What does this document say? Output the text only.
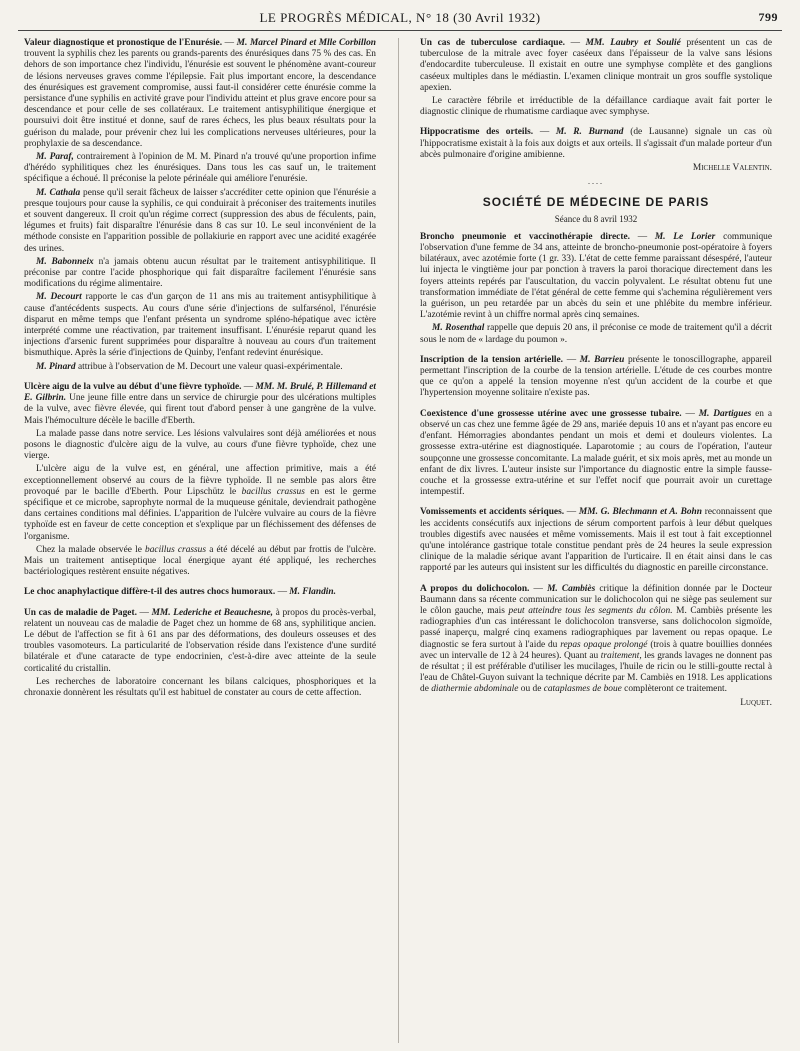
LE PROGRÈS MÉDICAL, N° 18 (30 Avril 1932)	799

Valeur diagnostique et pronostique de l'Enurésie. — M. Marcel Pinard et Mlle Corbillon trouvent la syphilis chez les parents ou grands-parents des énurésiques dans 75 % des cas. En dehors de son importance chez l'individu, l'énurésie est souvent le phénomène avant-coureur de lésions nerveuses graves comme l'épilepsie. Fait plus important encore, la descendance des énurésiques est gravement compromise, aussi faut-il considérer cette énurésie comme la persistance d'une syphilis en activité grave pour l'individu atteint et plus grave encore pour sa descendance et pour celle de ses collatéraux. Le traitement antisyphilitique énergique et poursuivi doit être institué et donne, sauf de rares échecs, les plus beaux résultats pour la guérison du malade, pour prévenir chez lui les complications nerveuses ultérieures, pour la prophylaxie de sa descendance.

M. Paraf, contrairement à l'opinion de M. M. Pinard n'a trouvé qu'une proportion infime d'hérédo syphilitiques chez les énurésiques. Dans tous les cas sauf un, le traitement spécifique a échoué. Il préconise la pelote périnéale qui améliore l'enurésie.

M. Cathala pense qu'il serait fâcheux de laisser s'accréditer cette opinion que l'énurésie a presque toujours pour cause la syphilis, ce qui conduirait à préconiser des traitements inutiles et souvent dangereux. Il croit qu'un régime correct (suppression des abus de féculents, pain, légumes et fruits) fait disparaître l'énurésie dans 8 cas sur 10. Le seul inconvénient de la méthode consiste en l'apparition possible de pollakiurie en rapport avec une acidité exagérée des urines.

M. Babonneix n'a jamais obtenu aucun résultat par le traitement antisyphilitique. Il préconise par contre l'acide phosphorique qui fait disparaître facilement l'énurésie sans modifications du régime alimentaire.

M. Decourt rapporte le cas d'un garçon de 11 ans mis au traitement antisyphilitique à cause d'antécédents suspects. Au cours d'une série d'injections de sulfarsénol, l'énurésie disparut en même temps que l'enfant présenta un syndrome spléno-hépatique avec ictère interprété comme une réactivation, par traitement insuffisant. L'énurésie reparut quand les injections d'arsenic furent supprimées pour disparaître à nouveau au cours d'un traitement bismuthique. Après la série d'injections de Quinby, l'enfant redevint énurésique.

M. Pinard attribue à l'observation de M. Decourt une valeur quasi-expérimentale.

Ulcère aigu de la vulve au début d'une fièvre typhoïde. — MM. M. Brulé, P. Hillemand et E. Gilbrin. Une jeune fille entre dans un service de chirurgie pour des ulcérations multiples de la vulve, avec fièvre élevée, qui firent tout d'abord penser à une gangrène de la vulve. Mais l'hémoculture décèle le bacille d'Eberth.

La malade passe dans notre service. Les lésions valvulaires sont déjà améliorées et nous posons le diagnostic d'ulcère aigu de la vulve, au cours d'une fièvre typhoïde, chez une vierge.

L'ulcère aigu de la vulve est, en général, une affection primitive, mais a été exceptionnellement observé au cours de la fièvre typhoïde. Il ne semble pas alors être provoqué par le bacille d'Eberth. Pour Lipschütz le bacillus crassus en est le germe spécifique et ce microbe, saprophyte normal de la muqueuse génitale, deviendrait pathogène dans certaines conditions mal définies. L'apparition de l'ulcère vulvaire au cours de la fièvre typhoïde est en faveur de cette conception et s'explique par un fléchissement des défenses de l'organisme.

Chez la malade observée le bacillus crassus a été décelé au début par frottis de l'ulcère. Mais un traitement antiseptique local énergique ayant été appliqué, les recherches bactériologiques restèrent ensuite négatives.

Le choc anaphylactique diffère-t-il des autres chocs humoraux. — M. Flandin.

Un cas de maladie de Paget. — MM. Lederiche et Beauchesne, à propos du procès-verbal, relatent un nouveau cas de maladie de Paget chez un homme de 68 ans, syphilitique ancien. Le début de l'affection se fit à 61 ans par des déformations, des douleurs osseuses et des troubles vasomoteurs. La particularité de l'observation réside dans l'existence d'une surdité bilatérale et d'une cataracte de type endocrinien, c'est-à-dire avec atteinte de la seule corticalité du cristallin.

Les recherches de laboratoire concernant les bilans calciques, phosphoriques et la chronaxie donnèrent les résultats qu'il est habituel de constater au cours de cette affection.

Un cas de tuberculose cardiaque. — MM. Laubry et Soulié présentent un cas de tuberculose de la mitrale avec foyer caséeux dans l'épaisseur de la valve sans lésions d'endocardite tuberculeuse. Il existait en outre une symphyse complète et des ganglions caséeux multiples dans le médiastin. L'examen clinique montrait un gros souffle systolique apexien.

Le caractère fébrile et irréductible de la défaillance cardiaque avait fait porter le diagnostic clinique de rhumatisme cardiaque avec symphyse.

Hippocratisme des orteils. — M. R. Burnand (de Lausanne) signale un cas où l'hippocratisme existait à la fois aux doigts et aux orteils. Il s'agissait d'un malade porteur d'un abcès pulmonaire d'origine amibienne.

Michelle Valentin.

....
SOCIÉTÉ DE MÉDECINE DE PARIS
Séance du 8 avril 1932

Broncho pneumonie et vaccinothérapie directe. — M. Le Lorier communique l'observation d'une femme de 34 ans, atteinte de broncho-pneumonie post-opératoire à foyers bilatéraux, avec azotémie forte (1 gr. 33). L'état de cette femme paraissant désespéré, l'auteur lui injecta le vingtième jour par ponction à travers la paroi thoracique directement dans les foyers atteints repérés par l'auscultation, du vaccin polyvalent. Le résultat obtenu fut une transformation immédiate de l'état général de cette femme qui s'achemina régulièrement vers la guérison, un peu retardée par un abcès du sein et une phlébite du membre inférieur. L'azotémie revint à un chiffre normal après cinq semaines.

M. Rosenthal rappelle que depuis 20 ans, il préconise ce mode de traitement qu'il a décrit sous le nom de « lardage du poumon ».

Inscription de la tension artérielle. — M. Barrieu présente le tonoscillographe, appareil permettant l'inscription de la courbe de la tension artérielle. L'étude de ces courbes montre que ce qu'on a appelé la tension moyenne n'est qu'un accident de la courbe et que l'hypertension moyenne solitaire n'existe pas.

Coexistence d'une grossesse utérine avec une grossesse tubaire. — M. Dartigues en a observé un cas chez une femme âgée de 29 ans, mariée depuis 10 ans et n'ayant pas encore eu d'enfant. Hémorragies abondantes pendant un mois et demi et douleurs violentes. La grossesse extra-utérine est diagnostiquée. Laparotomie ; au cours de l'opération, l'auteur soupçonne une grossesse concomitante. La malade guérit, et six mois après, met au monde un enfant de dix livres. L'auteur insiste sur l'importance du diagnostic entre la simple fausse-couche et la grossesse extra-utérine et sur l'effet nocif que pourrait avoir un curettage intempestif.

Vomissements et accidents sériques. — MM. G. Blechmann et A. Bohn reconnaissent que les accidents consécutifs aux injections de sérum comportent parfois à leur début quelques troubles digestifs avec nausées et même vomissements. Mais il est tout à fait exceptionnel qu'une intolérance gastrique totale constitue pendant près de 24 heures la seule expression clinique de la maladie sérique avant l'apparition de l'urticaire. Il en était ainsi dans le cas rapporté par les auteurs qui insistent sur les difficultés du diagnostic en pareille circonstance.

A propos du dolichocolon. — M. Cambiès critique la définition donnée par le Docteur Baumann dans sa récente communication sur le dolichocolon qui ne siège pas seulement sur le côlon gauche, mais peut atteindre tous les segments du côlon. M. Cambiès présente les radiographies d'un cas intéressant le dolichocolon transverse, sans dolichocolon sigmoïde, passé inaperçu, malgré cinq examens radiographiques par lavement ou repas opaque. Le diagnostic se fera surtout à l'aide du repas opaque prolongé (trois à quatre bouillies données avec un intervalle de 12 à 24 heures). Quant au traitement, les grands lavages ne donnent pas de résultat ; il est préférable d'utiliser les mucilages, l'huile de ricin ou le stilli-goutte rectal à l'eau de Châtel-Guyon suivant la technique décrite par M. Cambiès en 1918. Les applications de diathermie abdominale ou de cataplasmes de boue complèteront ce traitement.

Luquet.
